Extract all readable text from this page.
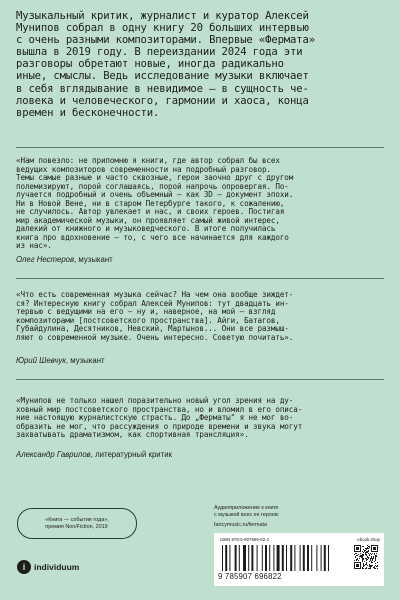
Музыкальный критик, журналист и куратор Алексей
Мунипов собрал в одну книгу 20 больших интервью
с очень разными композиторами. Впервые «Фермата»
вышла в 2019 году. В переиздании 2024 года эти
разговоры обретают новые, иногда радикально
иные, смыслы. Ведь исследование музыки включает
в себя вглядывание в невидимое — в сущность че-
ловека и человеческого, гармонии и хаоса, конца
времен и бесконечности.

«Нам повезло: не припомню я книги, где автор собрал бы всех
ведущих композиторов современности на подробный разговор.
Темы самые разные и часто сквозные, герои заочно друг с другом
полемизируют, порой соглашаясь, порой напрочь опровергая. По-
лучается подробный и очень объемный — как 3D — документ эпохи.
Ни в Новой Вене, ни в старом Петербурге такого, к сожалению,
не случилось. Автор увлекает и нас, и своих героев. Постигая
мир академической музыки, он проявляет самый живой интерес,
далекий от книжного и музыковедческого. В итоге получилась
книга про вдохновение — то, с чего все начинается для каждого
из нас».

Олег Нестеров, музыкант

«Что есть современная музыка сейчас? На чем она вообще зиждет-
ся? Интересную книгу собрал Алексей Мунипов: тут двадцать ин-
тервью с ведущими на его — ну и, наверное, на мой — взгляд
композиторами [постсоветского пространства]. Айги, Батагов,
Губайдулина, Десятников, Невский, Мартынов... Они все размыш-
ляют о современной музыке. Очень интересно. Советую почитать».

Юрий Шевчук, музыкант

«Мунипов не только нашел поразительно новый угол зрения на ду-
ховный мир постсоветского пространства, но и вломил в его описа-
ние настоящую журналистскую страсть. До „Ферматы" я не мог во-
образить не мог, что рассуждения о природе времени и звука могут
захватывать драматизмом, как спортивная трансляция».

Александр Гаврилов, литературный критик

«Книга — событие года»,
премия Non/Fiction, 2019
Аудиоприложение к книге
с музыкой всех ее героев:
fancymusic.ru/fermata
ISBN 978-5-907696-82-2	ebook.shop
9 785907 696822
i	individuum
